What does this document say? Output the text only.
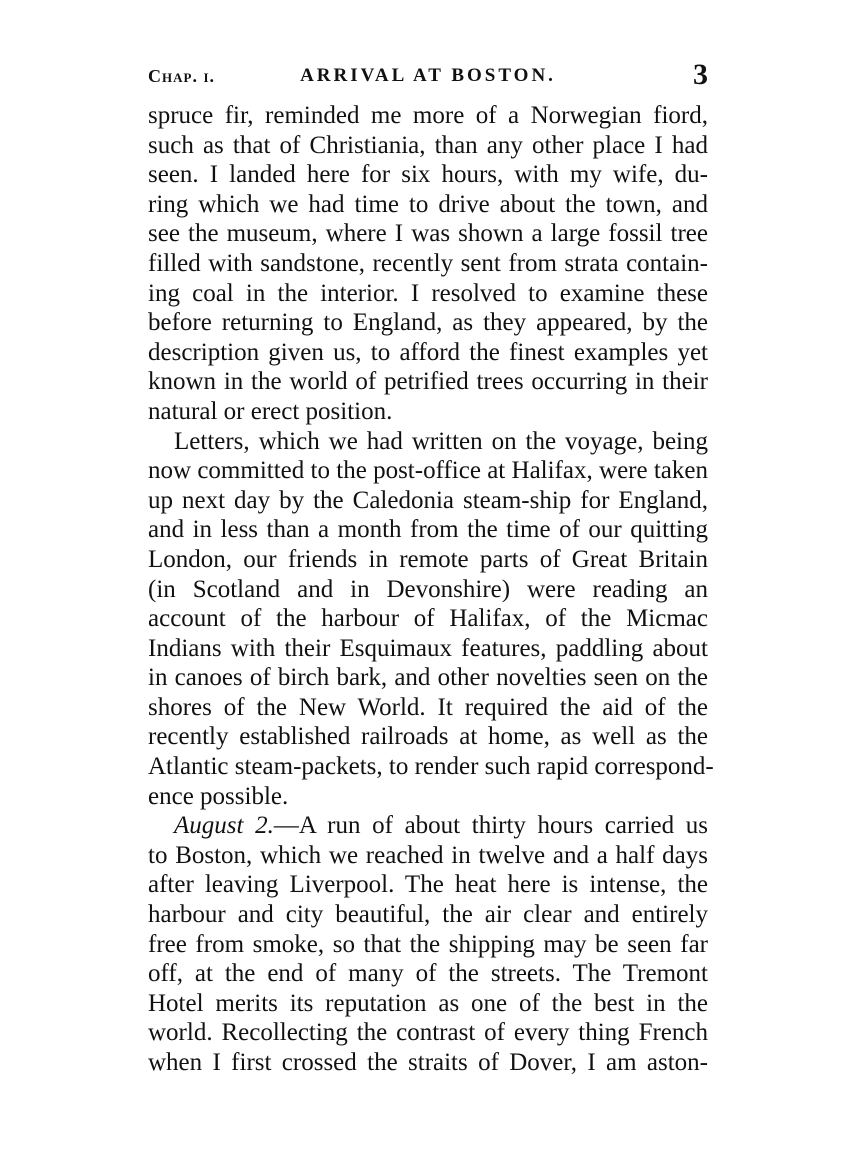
Chap. i.	ARRIVAL AT BOSTON.	3
spruce fir, reminded me more of a Norwegian fiord,
such as that of Christiania, than any other place I had
seen. I landed here for six hours, with my wife, du-
ring which we had time to drive about the town, and
see the museum, where I was shown a large fossil tree
filled with sandstone, recently sent from strata contain-
ing coal in the interior. I resolved to examine these
before returning to England, as they appeared, by the
description given us, to afford the finest examples yet
known in the world of petrified trees occurring in their
natural or erect position.
Letters, which we had written on the voyage, being
now committed to the post-office at Halifax, were taken
up next day by the Caledonia steam-ship for England,
and in less than a month from the time of our quitting
London, our friends in remote parts of Great Britain
(in Scotland and in Devonshire) were reading an
account of the harbour of Halifax, of the Micmac
Indians with their Esquimaux features, paddling about
in canoes of birch bark, and other novelties seen on the
shores of the New World. It required the aid of the
recently established railroads at home, as well as the
Atlantic steam-packets, to render such rapid correspond-
ence possible.
August 2.—A run of about thirty hours carried us
to Boston, which we reached in twelve and a half days
after leaving Liverpool. The heat here is intense, the
harbour and city beautiful, the air clear and entirely
free from smoke, so that the shipping may be seen far
off, at the end of many of the streets. The Tremont
Hotel merits its reputation as one of the best in the
world. Recollecting the contrast of every thing French
when I first crossed the straits of Dover, I am aston-
